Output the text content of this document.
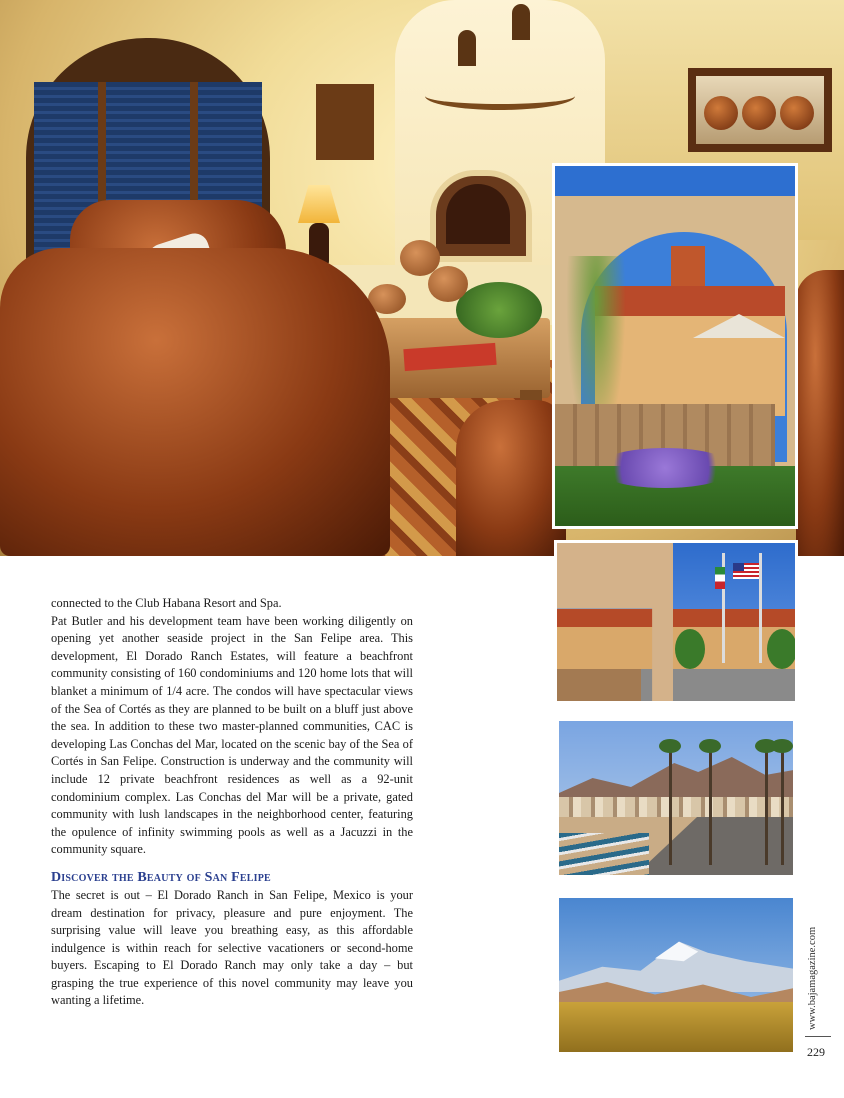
connected to the Club Habana Resort and Spa.

Pat Butler and his development team have been working diligently on opening yet another seaside project in the San Felipe area. This development, El Dorado Ranch Estates, will feature a beachfront community consisting of 160 condominiums and 120 home lots that will blanket a minimum of 1/4 acre. The condos will have spectacular views of the Sea of Cortés as they are planned to be built on a bluff just above the sea. In addition to these two master-planned communities, CAC is developing Las Conchas del Mar, located on the scenic bay of the Sea of Cortés in San Felipe. Construction is underway and the community will include 12 private beachfront residences as well as a 92-unit condominium complex. Las Conchas del Mar will be a private, gated community with lush landscapes in the neighborhood center, featuring the opulence of infinity swimming pools as well as a Jacuzzi in the community square.

Discover the Beauty of San Felipe

The secret is out – El Dorado Ranch in San Felipe, Mexico is your dream destination for privacy, pleasure and pure enjoyment. The surprising value will leave you breathing easy, as this affordable indulgence is within reach for selective vacationers or second-home buyers. Escaping to El Dorado Ranch may only take a day – but grasping the true experience of this novel community may leave you wanting a lifetime.	www.bajamagazine.com
229
